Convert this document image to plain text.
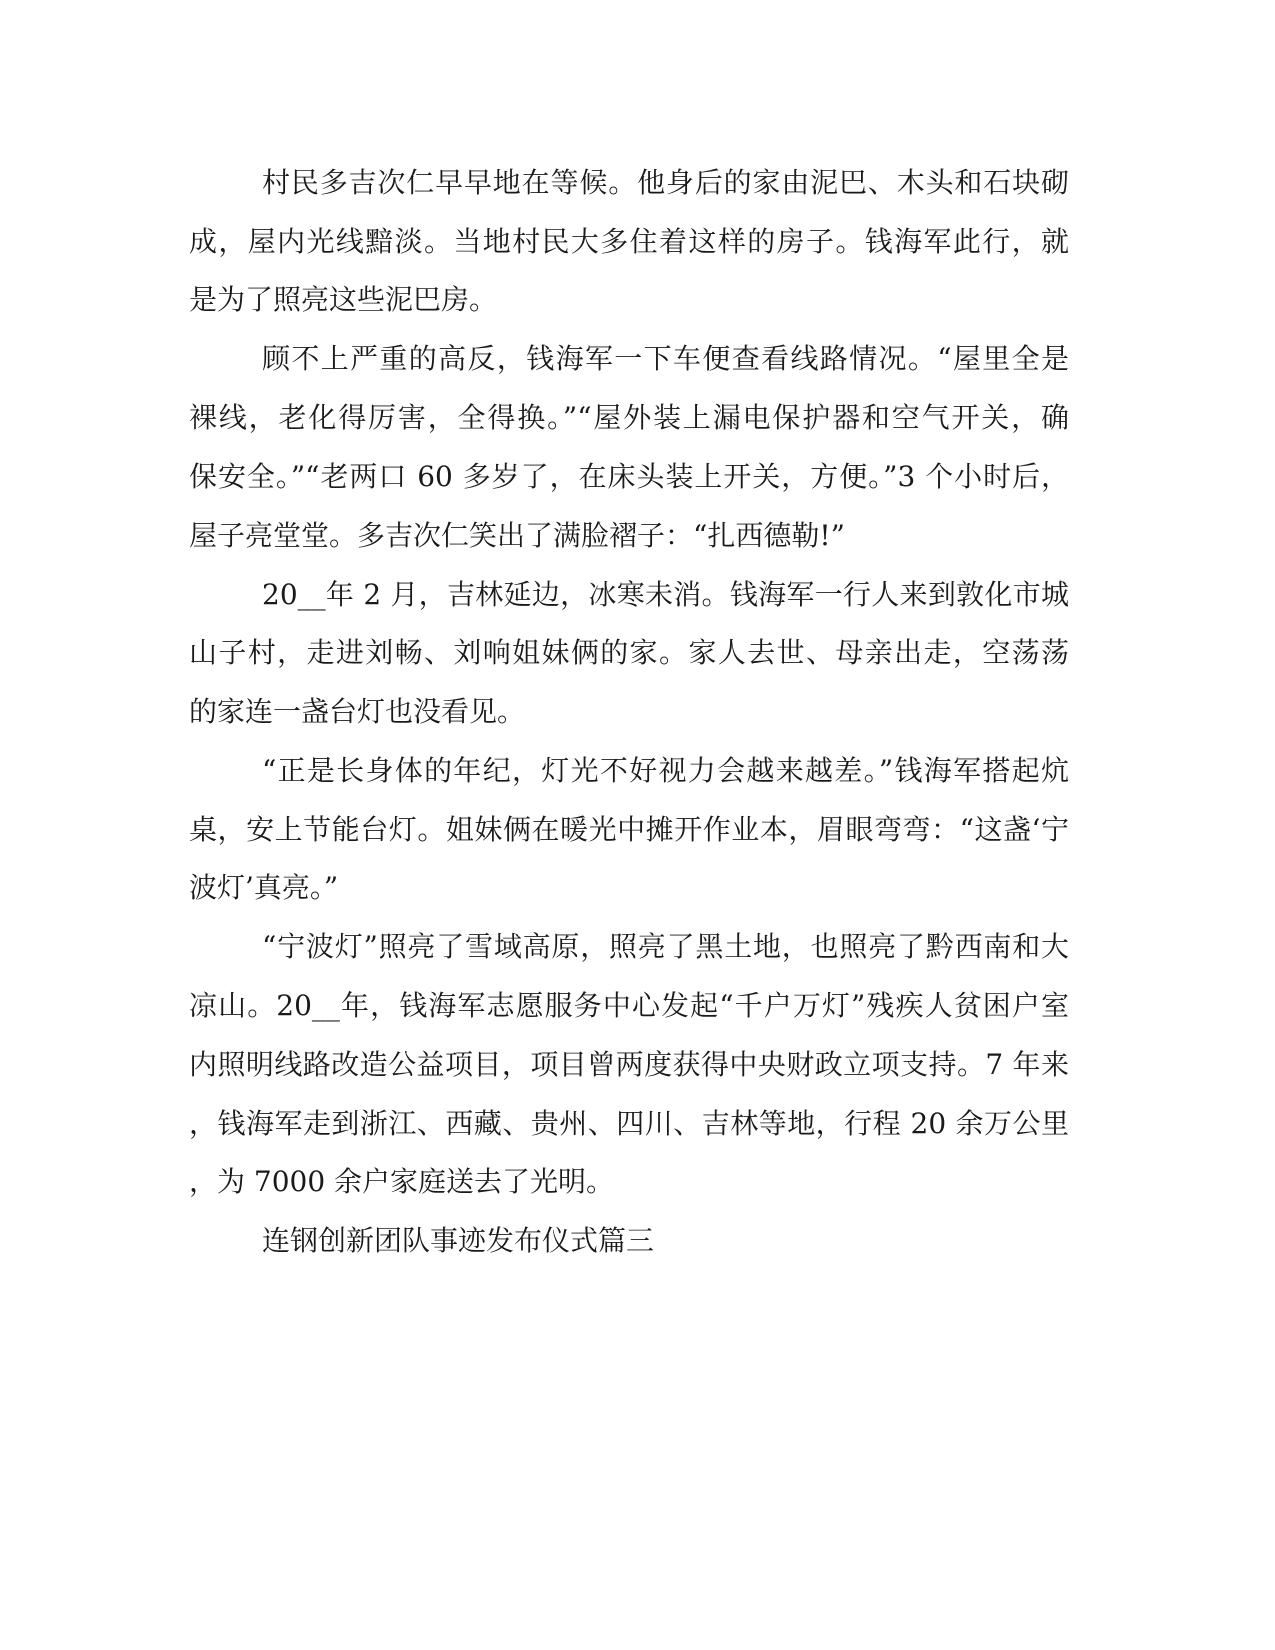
村民多吉次仁早早地在等候。他身后的家由泥巴、木头和石块砌

成，屋内光线黯淡。当地村民大多住着这样的房子。钱海军此行，就

是为了照亮这些泥巴房。

顾不上严重的高反，钱海军一下车便查看线路情况。“屋里全是

裸线，老化得厉害，全得换。”“屋外装上漏电保护器和空气开关，确

保安全。”“老两口 60 多岁了，在床头装上开关，方便。”3 个小时后，

屋子亮堂堂。多吉次仁笑出了满脸褶子：“扎西德勒!”

20__年 2 月，吉林延边，冰寒未消。钱海军一行人来到敦化市城

山子村，走进刘畅、刘响姐妹俩的家。家人去世、母亲出走，空荡荡

的家连一盏台灯也没看见。

“正是长身体的年纪，灯光不好视力会越来越差。”钱海军搭起炕

桌，安上节能台灯。姐妹俩在暖光中摊开作业本，眉眼弯弯：“这盏‘宁

波灯’真亮。”

“宁波灯”照亮了雪域高原，照亮了黑土地，也照亮了黔西南和大

凉山。20__年，钱海军志愿服务中心发起“千户万灯”残疾人贫困户室

内照明线路改造公益项目，项目曾两度获得中央财政立项支持。7 年来

，钱海军走到浙江、西藏、贵州、四川、吉林等地，行程 20 余万公里

，为 7000 余户家庭送去了光明。

连钢创新团队事迹发布仪式篇三
